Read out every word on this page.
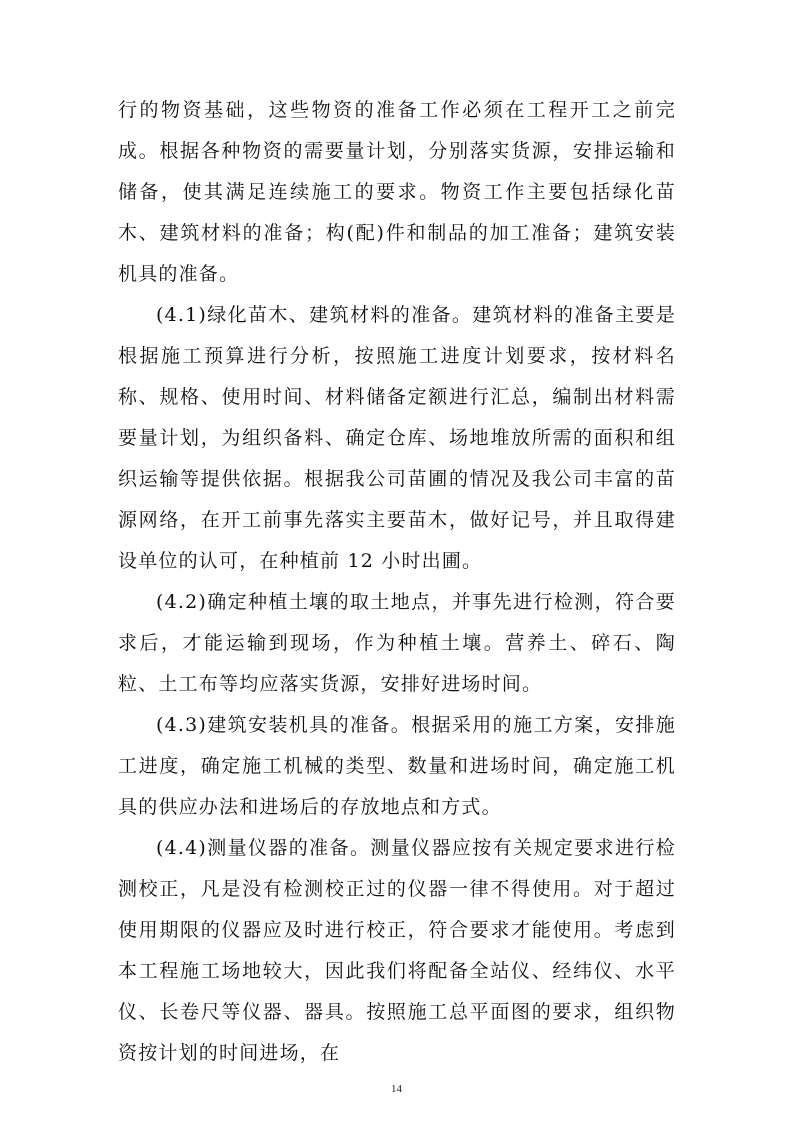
行的物资基础，这些物资的准备工作必须在工程开工之前完成。根据各种物资的需要量计划，分别落实货源，安排运输和储备，使其满足连续施工的要求。物资工作主要包括绿化苗木、建筑材料的准备；构(配)件和制品的加工准备；建筑安装机具的准备。

(4.1)绿化苗木、建筑材料的准备。建筑材料的准备主要是根据施工预算进行分析，按照施工进度计划要求，按材料名称、规格、使用时间、材料储备定额进行汇总，编制出材料需要量计划，为组织备料、确定仓库、场地堆放所需的面积和组织运输等提供依据。根据我公司苗圃的情况及我公司丰富的苗源网络，在开工前事先落实主要苗木，做好记号，并且取得建设单位的认可，在种植前 12 小时出圃。

(4.2)确定种植土壤的取土地点，并事先进行检测，符合要求后，才能运输到现场，作为种植土壤。营养土、碎石、陶粒、土工布等均应落实货源，安排好进场时间。

(4.3)建筑安装机具的准备。根据采用的施工方案，安排施工进度，确定施工机械的类型、数量和进场时间，确定施工机具的供应办法和进场后的存放地点和方式。

(4.4)测量仪器的准备。测量仪器应按有关规定要求进行检测校正，凡是没有检测校正过的仪器一律不得使用。对于超过使用期限的仪器应及时进行校正，符合要求才能使用。考虑到本工程施工场地较大，因此我们将配备全站仪、经纬仪、水平仪、长卷尺等仪器、器具。按照施工总平面图的要求，组织物资按计划的时间进场，在

14
